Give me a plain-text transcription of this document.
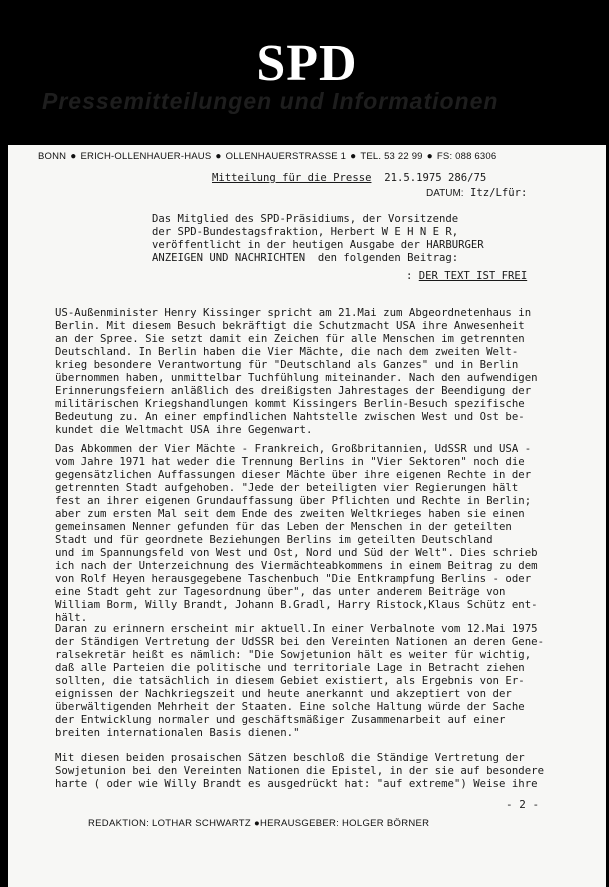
SPD
Pressemitteilungen und Informationen
BONN ● ERICH-OLLENHAUER-HAUS ● OLLENHAUERSTRASSE 1 ● TEL. 53 22 99 ● FS: 088 6306
Mitteilung für die Presse 21.5.1975 286/75
DATUM: Itz/Lfür:
Das Mitglied des SPD-Präsidiums, der Vorsitzende
der SPD-Bundestagsfraktion, Herbert W E H N E R,
veröffentlicht in der heutigen Ausgabe der HARBURGER
ANZEIGEN UND NACHRICHTEN  den folgenden Beitrag:
: DER TEXT IST FREI
US-Außenminister Henry Kissinger spricht am 21.Mai zum Abgeordnetenhaus in
Berlin. Mit diesem Besuch bekräftigt die Schutzmacht USA ihre Anwesenheit
an der Spree. Sie setzt damit ein Zeichen für alle Menschen im getrennten
Deutschland. In Berlin haben die Vier Mächte, die nach dem zweiten Welt-
krieg besondere Verantwortung für "Deutschland als Ganzes" und in Berlin
übernommen haben, unmittelbar Tuchfühlung miteinander. Nach den aufwendigen
Erinnerungsfeiern anläßlich des dreißigsten Jahrestages der Beendigung der
militärischen Kriegshandlungen kommt Kissingers Berlin-Besuch spezifische
Bedeutung zu. An einer empfindlichen Nahtstelle zwischen West und Ost be-
kundet die Weltmacht USA ihre Gegenwart.
Das Abkommen der Vier Mächte - Frankreich, Großbritannien, UdSSR und USA -
vom Jahre 1971 hat weder die Trennung Berlins in "Vier Sektoren" noch die
gegensätzlichen Auffassungen dieser Mächte über ihre eigenen Rechte in der
getrennten Stadt aufgehoben. "Jede der beteiligten vier Regierungen hält
fest an ihrer eigenen Grundauffassung über Pflichten und Rechte in Berlin;
aber zum ersten Mal seit dem Ende des zweiten Weltkrieges haben sie einen
gemeinsamen Nenner gefunden für das Leben der Menschen in der geteilten
Stadt und für geordnete Beziehungen Berlins im geteilten Deutschland
und im Spannungsfeld von West und Ost, Nord und Süd der Welt". Dies schrieb
ich nach der Unterzeichnung des Viermächteabkommens in einem Beitrag zu dem
von Rolf Heyen herausgegebene Taschenbuch "Die Entkrampfung Berlins - oder
eine Stadt geht zur Tagesordnung über", das unter anderem Beiträge von
William Borm, Willy Brandt, Johann B.Gradl, Harry Ristock,Klaus Schütz ent-
hält.
Daran zu erinnern erscheint mir aktuell.In einer Verbalnote vom 12.Mai 1975
der Ständigen Vertretung der UdSSR bei den Vereinten Nationen an deren Gene-
ralsekretär heißt es nämlich: "Die Sowjetunion hält es weiter für wichtig,
daß alle Parteien die politische und territoriale Lage in Betracht ziehen
sollten, die tatsächlich in diesem Gebiet existiert, als Ergebnis von Er-
eignissen der Nachkriegszeit und heute anerkannt und akzeptiert von der
überwältigenden Mehrheit der Staaten. Eine solche Haltung würde der Sache
der Entwicklung normaler und geschäftsmäßiger Zusammenarbeit auf einer
breiten internationalen Basis dienen."
Mit diesen beiden prosaischen Sätzen beschloß die Ständige Vertretung der
Sowjetunion bei den Vereinten Nationen die Epistel, in der sie auf besondere
harte ( oder wie Willy Brandt es ausgedrückt hat: "auf extreme") Weise ihre
- 2 -
REDAKTION: LOTHAR SCHWARTZ ●HERAUSGEBER: HOLGER BÖRNER
